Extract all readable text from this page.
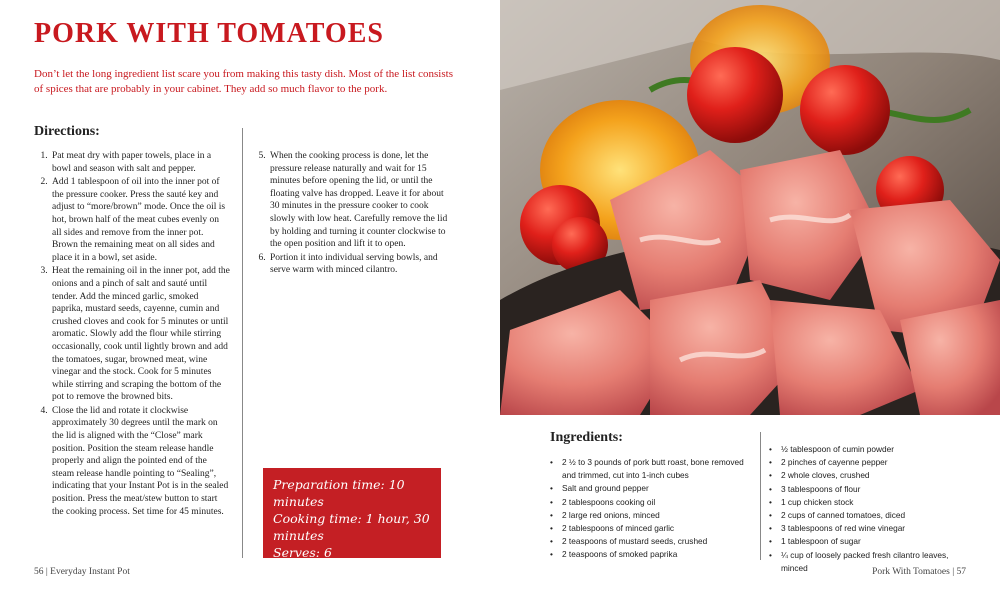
PORK WITH TOMATOES
Don’t let the long ingredient list scare you from making this tasty dish. Most of the list consists of spices that are probably in your cabinet. They add so much flavor to the pork.
Directions:
1. Pat meat dry with paper towels, place in a bowl and season with salt and pepper.
2. Add 1 tablespoon of oil into the inner pot of the pressure cooker. Press the sauté key and adjust to “more/brown” mode. Once the oil is hot, brown half of the meat cubes evenly on all sides and remove from the inner pot. Brown the remaining meat on all sides and place it in a bowl, set aside.
3. Heat the remaining oil in the inner pot, add the onions and a pinch of salt and sauté until tender. Add the minced garlic, smoked paprika, mustard seeds, cayenne, cumin and crushed cloves and cook for 5 minutes or until aromatic. Slowly add the flour while stirring occasionally, cook until lightly brown and add the tomatoes, sugar, browned meat, wine vinegar and the stock. Cook for 5 minutes while stirring and scraping the bottom of the pot to remove the browned bits.
4. Close the lid and rotate it clockwise approximately 30 degrees until the mark on the lid is aligned with the “Close” mark position. Position the steam release handle properly and align the pointed end of the steam release handle pointing to “Sealing”, indicating that your Instant Pot is in the sealed position. Press the meat/stew button to start the cooking process. Set time for 45 minutes.
5. When the cooking process is done, let the pressure release naturally and wait for 15 minutes before opening the lid, or until the floating valve has dropped. Leave it for about 30 minutes in the pressure cooker to cook slowly with low heat. Carefully remove the lid by holding and turning it counter clockwise to the open position and lift it to open.
6. Portion it into individual serving bowls, and serve warm with minced cilantro.
Preparation time: 10 minutes
Cooking time: 1 hour, 30 minutes
Serves: 6
56 | Everyday Instant Pot
Ingredients:
• 2 ½ to 3 pounds of pork butt roast, bone removed and trimmed, cut into 1-inch cubes
• Salt and ground pepper
• 2 tablespoons cooking oil
• 2 large red onions, minced
• 2 tablespoons of minced garlic
• 2 teaspoons of mustard seeds, crushed
• 2 teaspoons of smoked paprika
• ½ tablespoon of cumin powder
• 2 pinches of cayenne pepper
• 2 whole cloves, crushed
• 3 tablespoons of flour
• 1 cup chicken stock
• 2 cups of canned tomatoes, diced
• 3 tablespoons of red wine vinegar
• 1 tablespoon of sugar
• ¼ cup of loosely packed fresh cilantro leaves, minced	Pork With Tomatoes | 57
